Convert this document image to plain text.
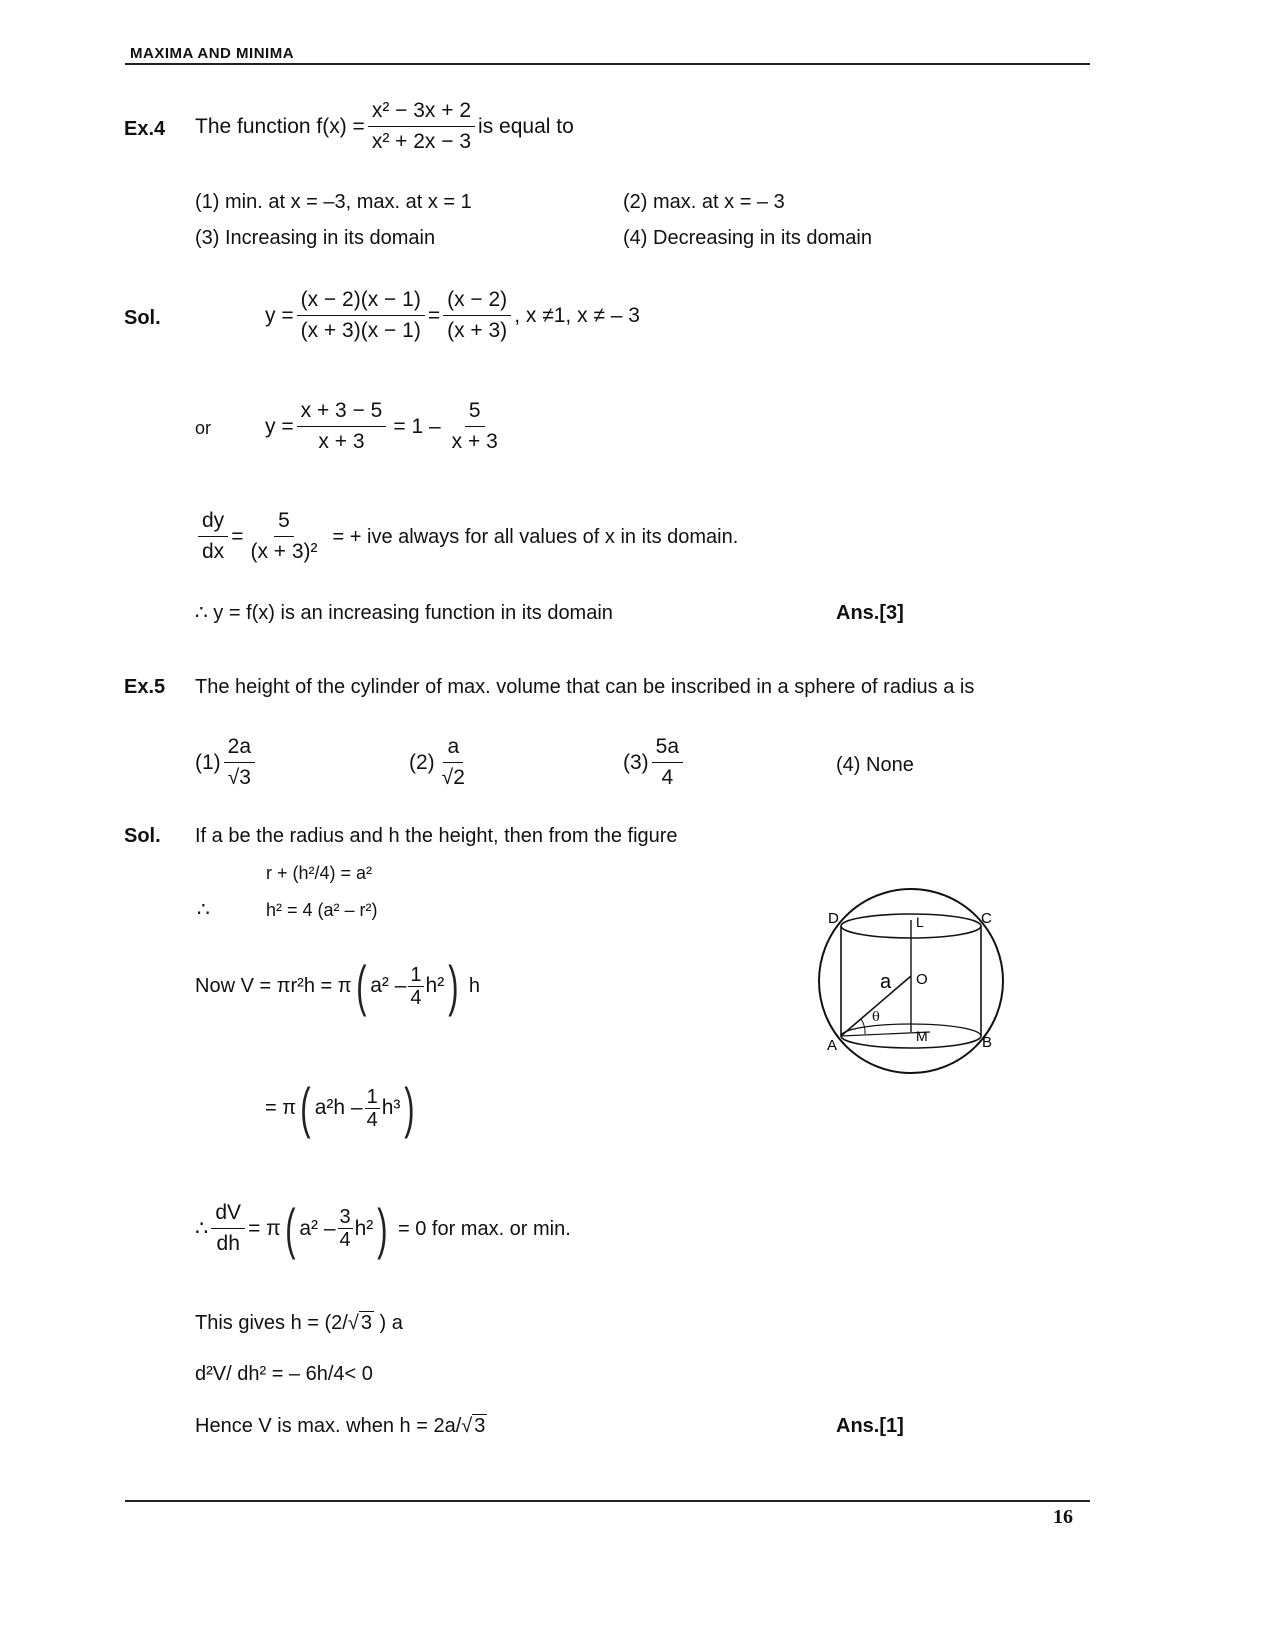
MAXIMA AND MINIMA
Ex.4 The function $f(x) = \frac{\text{x² − 3x + 2}}{\text{x² + 2x − 3}}$ is equal to
(1) min. at x = –3, max. at x = 1	(2) max. at x = – 3
(3) Increasing in its domain	(4) Decreasing in its domain
Sol.	$y = \frac{(x - 2)(x - 1)}{(x + 3)(x - 1)} = \frac{(x - 2)}{(x + 3)}$ , x ≠1, x ≠ – 3
or	$y = \frac{x + 3 - 5}{x + 3} = 1 - \frac{5}{x + 3}$
$\frac{dy}{dx} = \frac{5}{\text{(x + 3)²}}$ = + ive always for all values of x in its domain.
∴ y = f(x) is an increasing function in its domain	Ans.[3]
Ex.5 The height of the cylinder of max. volume that can be inscribed in a sphere of radius a is
$(1) \frac{2a}{√3}$	$(2) \frac{a}{√2}$	$(3) \frac{5a}{4}$	(4) None
Sol. If a be the radius and h the height, then from the figure
r + (h²/4) = a²
∴	h² = 4 (a² – r²)
Now V = πr²h = π ( $a^2 - \frac{1}{4} h^2$ ) h
= π ( $a^2h - \frac{1}{4} h^3$ )
∴ $\frac{dV}{dh} = \pi$ ( $a^2 - \frac{3}{4} h^2$ ) = 0 for max. or min.
This gives h = (2/√ 3 ) a
d²V/ dh² = – 6h/4< 0
Hence V is max. when h = 2a/√ 3	Ans.[1]
D	L	C
a O
θ
M
A	B
16
